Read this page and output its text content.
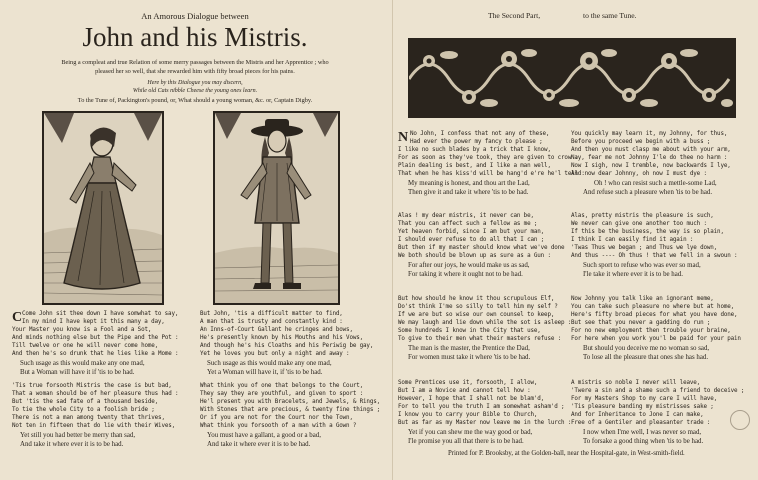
An Amorous Dialogue between
John and his Mistris.
Being a compleat and true Relation of some merry passages between the Mistris and her Apprentice ; who
pleased her so well, that she rewarded him with fifty broad pieces for his pains.
Here by this Dialogue you may discern,
While old Cats nibble Cheese the young ones learn.
To the Tune of, Packington's pound, or, What should a young woman, &c. or, Captain Digby.
C Come John sit thee down I have somwhat to say,
In my mind I have kept it this many a day,
Your Master you know is a Fool and a Sot,
And minds nothing else but the Pipe and the Pot :
Till twelve or one he will never come home,
And then he's so drunk that he lies like a Mome :
Such usage as this would make any one mad,
But a Woman will have it if 'tis to be had.
'Tis true forsooth Mistris the case is but bad,
That a woman should be of her pleasure thus had :
But 'tis the sad fate of a thousand beside,
To tie the whole City to a foolish bride ;
There is not a man among twenty that thrives,
Not ten in fifteen that do lie with their Wives,
Yet still you had better be merry than sad,
And take it where ever it is to be had.
But John, 'tis a difficult matter to find,
A man that is trusty and constantly kind :
An Inns-of-Court Gallant he cringes and bows,
He's presently known by his Mouths and his Vows,
And though he's his Cloaths and his Periwig be gay,
Yet he loves you but only a night and away :
Such usage as this would make any one mad,
Yet a Woman will have it, if 'tis to be had.
What think you of one that belongs to the Court,
They say they are youthful, and given to sport :
He'l present you with Bracelets, and Jewels, & Rings,
With Stones that are precious, & twenty fine things ;
Or if you are not for the Court nor the Town,
What think you forsooth of a man with a Gown ?
You must have a gallant, a good or a bad,
And take it where ever it is to be had.
The Second Part,	to the same Tune.
N No John, I confess that not any of these,
Had ever the power my fancy to please ;
I like no such blades by a trick that I know,
For as soon as they've took, they are given to crow :
Plain dealing is best, and I like a man well,
That when he has kiss'd will be hang'd e're he'l tell :
My meaning is honest, and thou art the Lad,
Then give it and take it where 'tis to be had.
Alas ! my dear mistris, it never can be,
That you can affect such a fellow as me ;
Yet heaven forbid, since I am but your man,
I should ever refuse to do all that I can ;
But then if my master should know what we've done
We both should be blown up as sure as a Gun :
For after our joys, he would make us as sad,
For taking it where it ought not to be had.
But how should he know it thou scrupulous Elf,
Do'st think I'me so silly to tell him my self ?
If we are but so wise our own counsel to keep,
We may laugh and lie down while the sot is asleep :
Some hundreds I know in the City that use,
To give to their men what their masters refuse :
The man is the master, the Prentice the Dad,
For women must take it where 'tis to be had.
Some Prentices use it, forsooth, I allow,
But I am a Novice and cannot tell how :
However, I hope that I shall not be blam'd,
For to tell you the truth I am somewhat asham'd ;
I know you to carry your Bible to Church,
But as far as my Master now leave me in the lurch :
Yet if you can shew me the way good or bad,
I'le promise you all that there is to be had.
You quickly may learn it, my Johnny, for thus,
Before you proceed we begin with a buss ;
And then you must clasp me about with your arm,
Nay, fear me not Johnny I'le do thee no harm :
Now I sigh, now I tremble, now backwards I lye,
And now dear Johnny, oh now I must dye :
Oh ! who can resist such a mettle-some Lad,
And refuse such a pleasure when 'tis to be had.
Alas, pretty mistris the pleasure is such,
We never can give one another too much :
If this be the business, the way is so plain,
I think I can easily find it again :
'Twas Thus we began ; and Thus we lye down,
And thus ---- Oh thus ! that we fell in a swoun :
Such sport to refuse who was ever so mad,
I'le take it where ever it is to be had.
Now Johnny you talk like an ignorant meme,
You can take such pleasure no where but at home,
Here's fifty broad pieces for what you have done,
But see that you never a gadding do run ;
For no new employment then trouble your braine,
For here when you work you'l be paid for your pain
But should you deceive me no woman so sad,
To lose all the pleasure that ones she has had.
A mistris so noble I never will leave,
'Twere a sin and a shame such a friend to deceive ;
For my Masters Shop to my care I will have,
'Tis pleasure banding my mistrisses sake ;
And for Inheritance to Jone I can make,
Free of a Gentiler and pleasanter trade :
I now when I'me well, I was never so mad,
To forsake a good thing when 'tis to be had.
Printed for P. Brooksby, at the Golden-ball, near the Hospital-gate, in West-smith-field.
